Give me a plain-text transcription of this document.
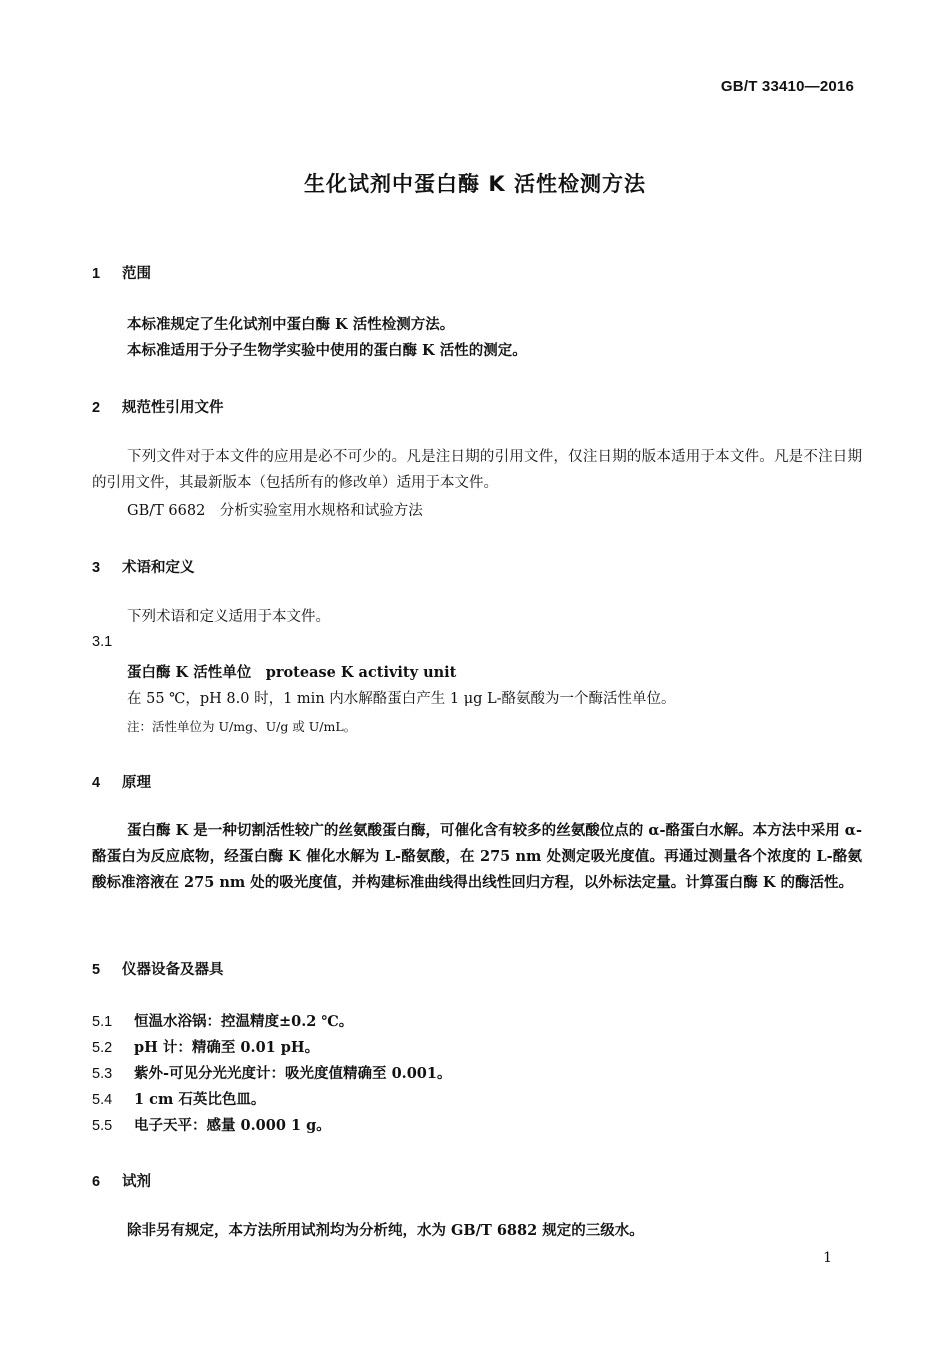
GB/T 33410—2016
生化试剂中蛋白酶 K 活性检测方法
1 范围
本标准规定了生化试剂中蛋白酶 K 活性检测方法。
本标准适用于分子生物学实验中使用的蛋白酶 K 活性的测定。
2 规范性引用文件
下列文件对于本文件的应用是必不可少的。凡是注日期的引用文件，仅注日期的版本适用于本文件。凡是不注日期的引用文件，其最新版本（包括所有的修改单）适用于本文件。
GB/T 6682　分析实验室用水规格和试验方法
3 术语和定义
下列术语和定义适用于本文件。
3.1
蛋白酶 K 活性单位　protease K activity unit
在 55 ℃，pH 8.0 时，1 min 内水解酪蛋白产生 1 μg L-酪氨酸为一个酶活性单位。
注：活性单位为 U/mg、U/g 或 U/mL。
4 原理
蛋白酶 K 是一种切割活性较广的丝氨酸蛋白酶，可催化含有较多的丝氨酸位点的 α-酪蛋白水解。本方法中采用 α-酪蛋白为反应底物，经蛋白酶 K 催化水解为 L-酪氨酸，在 275 nm 处测定吸光度值。再通过测量各个浓度的 L-酪氨酸标准溶液在 275 nm 处的吸光度值，并构建标准曲线得出线性回归方程，以外标法定量。计算蛋白酶 K 的酶活性。
5 仪器设备及器具
5.1 恒温水浴锅：控温精度±0.2 ℃。
5.2 pH 计：精确至 0.01 pH。
5.3 紫外-可见分光光度计：吸光度值精确至 0.001。
5.4 1 cm 石英比色皿。
5.5 电子天平：感量 0.000 1 g。
6 试剂
除非另有规定，本方法所用试剂均为分析纯，水为 GB/T 6882 规定的三级水。
1
